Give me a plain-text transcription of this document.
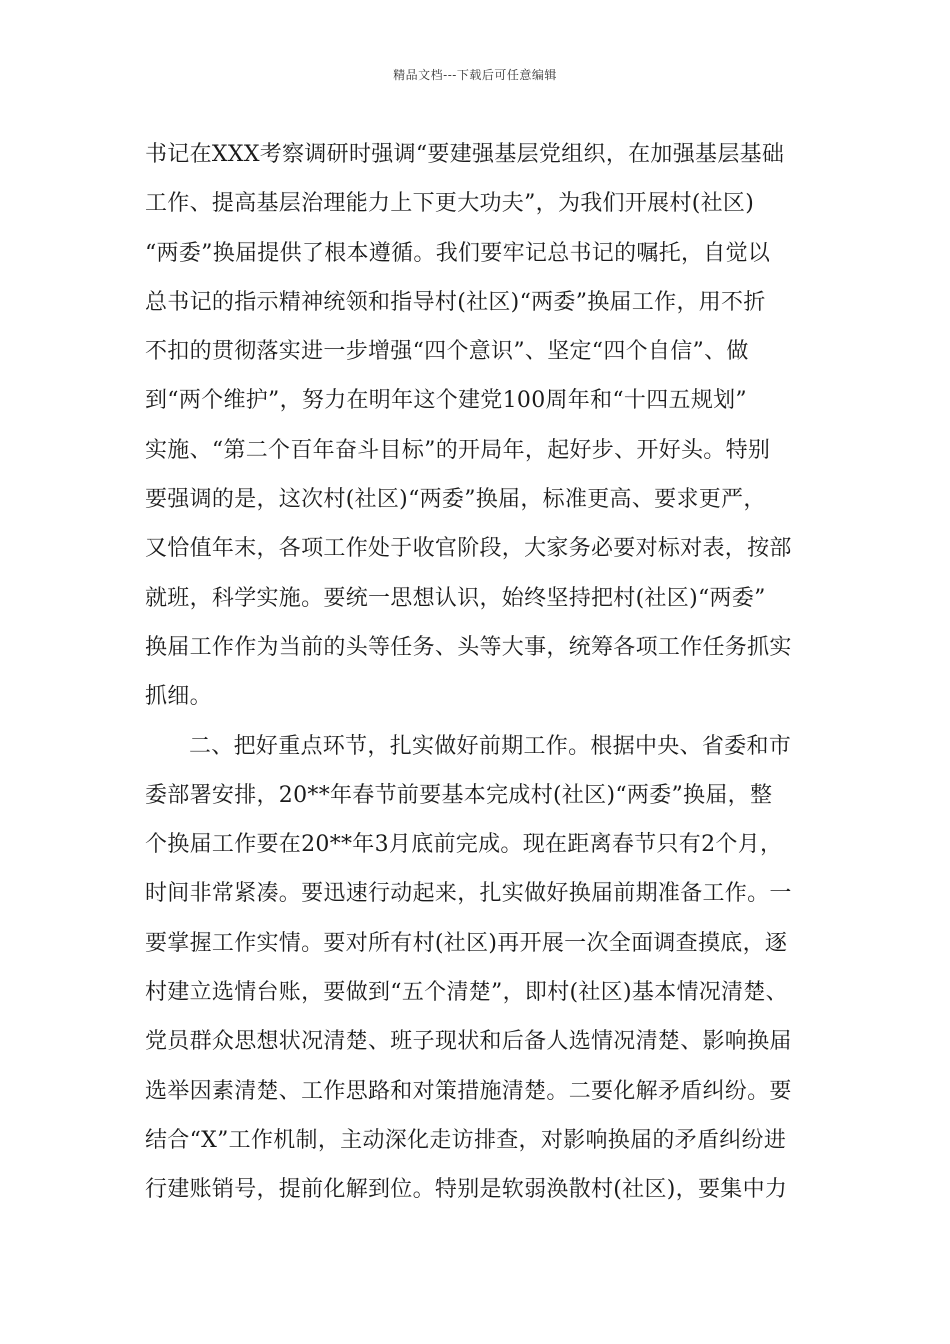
精品文档---下载后可任意编辑
书记在XXX考察调研时强调“要建强基层党组织，在加强基层基础
工作、提高基层治理能力上下更大功夫”，为我们开展村(社区)
“两委”换届提供了根本遵循。我们要牢记总书记的嘱托，自觉以
总书记的指示精神统领和指导村(社区)“两委”换届工作，用不折
不扣的贯彻落实进一步增强“四个意识”、坚定“四个自信”、做
到“两个维护”，努力在明年这个建党100周年和“十四五规划”
实施、“第二个百年奋斗目标”的开局年，起好步、开好头。特别
要强调的是，这次村(社区)“两委”换届，标准更高、要求更严，
又恰值年末，各项工作处于收官阶段，大家务必要对标对表，按部
就班，科学实施。要统一思想认识，始终坚持把村(社区)“两委”
换届工作作为当前的头等任务、头等大事，统筹各项工作任务抓实
抓细。
二、把好重点环节，扎实做好前期工作。根据中央、省委和市
委部署安排，20**年春节前要基本完成村(社区)“两委”换届，整
个换届工作要在20**年3月底前完成。现在距离春节只有2个月，
时间非常紧凑。要迅速行动起来，扎实做好换届前期准备工作。一
要掌握工作实情。要对所有村(社区)再开展一次全面调查摸底，逐
村建立选情台账，要做到“五个清楚”，即村(社区)基本情况清楚、
党员群众思想状况清楚、班子现状和后备人选情况清楚、影响换届
选举因素清楚、工作思路和对策措施清楚。二要化解矛盾纠纷。要
结合“X”工作机制，主动深化走访排查，对影响换届的矛盾纠纷进
行建账销号，提前化解到位。特别是软弱涣散村(社区)，要集中力
